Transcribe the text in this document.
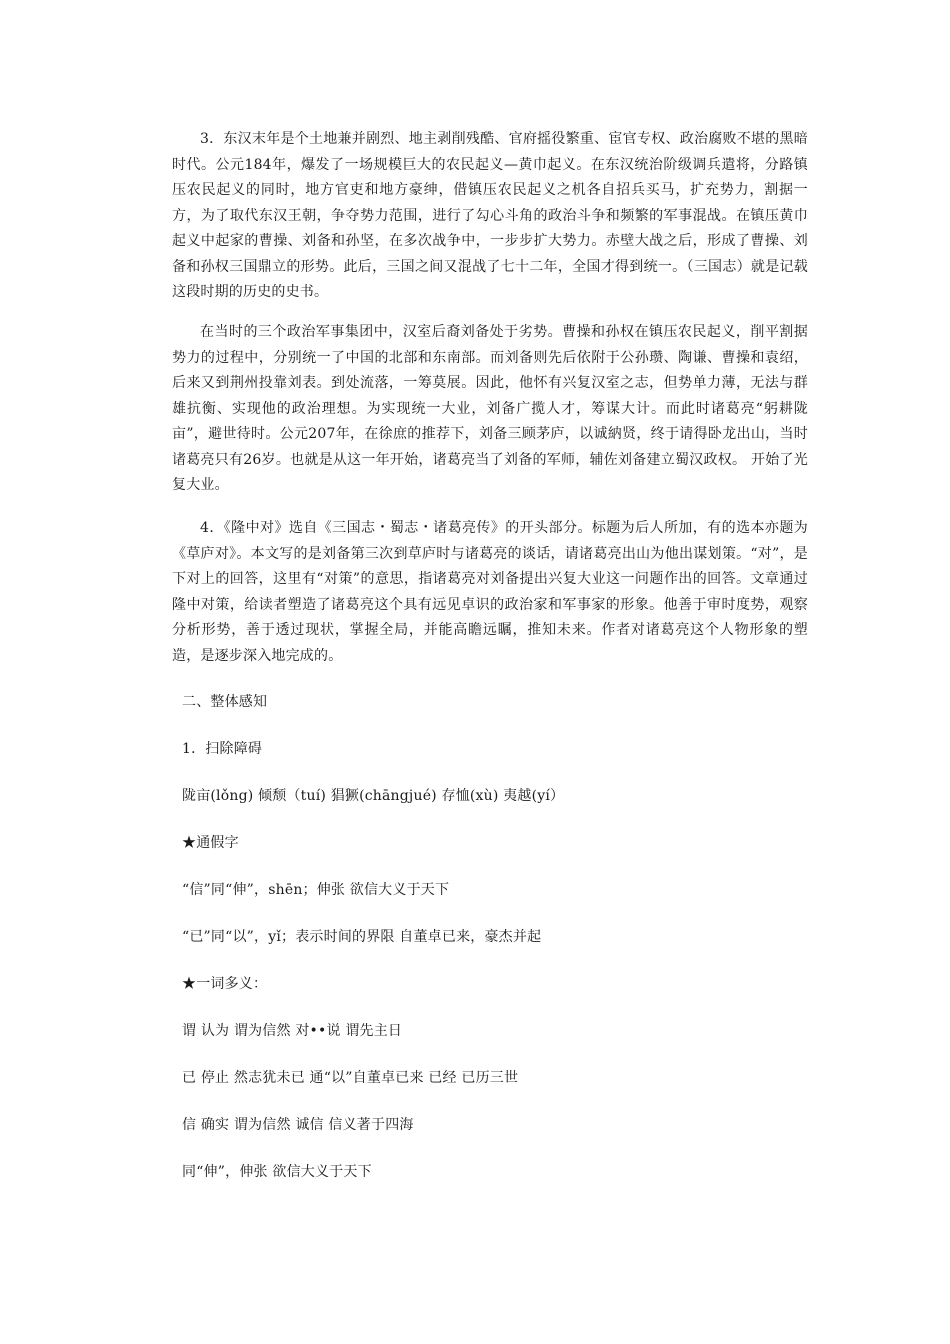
3．东汉末年是个土地兼并剧烈、地主剥削残酷、官府摇役繁重、宦官专权、政治腐败不堪的黑暗时代。公元184年，爆发了一场规模巨大的农民起义—黄巾起义。在东汉统治阶级调兵遣将，分路镇压农民起义的同时，地方官吏和地方豪绅，借镇压农民起义之机各自招兵买马，扩充势力，割据一方，为了取代东汉王朝，争夺势力范围，进行了勾心斗角的政治斗争和频繁的军事混战。在镇压黄巾起义中起家的曹操、刘备和孙坚，在多次战争中，一步步扩大势力。赤壁大战之后，形成了曹操、刘备和孙权三国鼎立的形势。此后，三国之间又混战了七十二年，全国才得到统一。（三国志）就是记载这段时期的历史的史书。

在当时的三个政治军事集团中，汉室后裔刘备处于劣势。曹操和孙权在镇压农民起义，削平割据势力的过程中，分别统一了中国的北部和东南部。而刘备则先后依附于公孙瓒、陶谦、曹操和袁绍，后来又到荆州投靠刘表。到处流落，一筹莫展。因此，他怀有兴复汉室之志，但势单力薄，无法与群雄抗衡、实现他的政治理想。为实现统一大业，刘备广揽人才，筹谋大计。而此时诸葛亮“躬耕陇亩”，避世待时。公元207年，在徐庶的推荐下，刘备三顾茅庐，以诚納贤，终于请得卧龙出山，当时诸葛亮只有26岁。也就是从这一年开始，诸葛亮当了刘备的军师，辅佐刘备建立蜀汉政权。 开始了光复大业。

4．《隆中对》选自《三国志・蜀志・诸葛亮传》的开头部分。标题为后人所加，有的选本亦题为《草庐对》。本文写的是刘备第三次到草庐时与诸葛亮的谈话，请诸葛亮出山为他出谋划策。“对”，是下对上的回答，这里有“对策”的意思，指诸葛亮对刘备提出兴复大业这一问题作出的回答。文章通过隆中对策，给读者塑造了诸葛亮这个具有远见卓识的政治家和军事家的形象。他善于审时度势，观察分析形势，善于透过现状，掌握全局，并能高瞻远瞩，推知未来。作者对诸葛亮这个人物形象的塑造，是逐步深入地完成的。

二、整体感知

1．扫除障碍

陇亩(lǒng) 倾颓（tuí) 猖獗(chāngjué) 存恤(xù) 夷越(yí）

★通假字

“信”同“伸”，shēn；伸张 欲信大义于天下

“已”同“以”，yǐ；表示时间的界限 自董卓已来，豪杰并起

★一词多义：

谓 认为 谓为信然 对••说 谓先主日

已 停止 然志犹未已 通“以”自董卓已来 已经 已历三世

信 确实 谓为信然 诚信 信义著于四海

同“伸”，伸张 欲信大义于天下
